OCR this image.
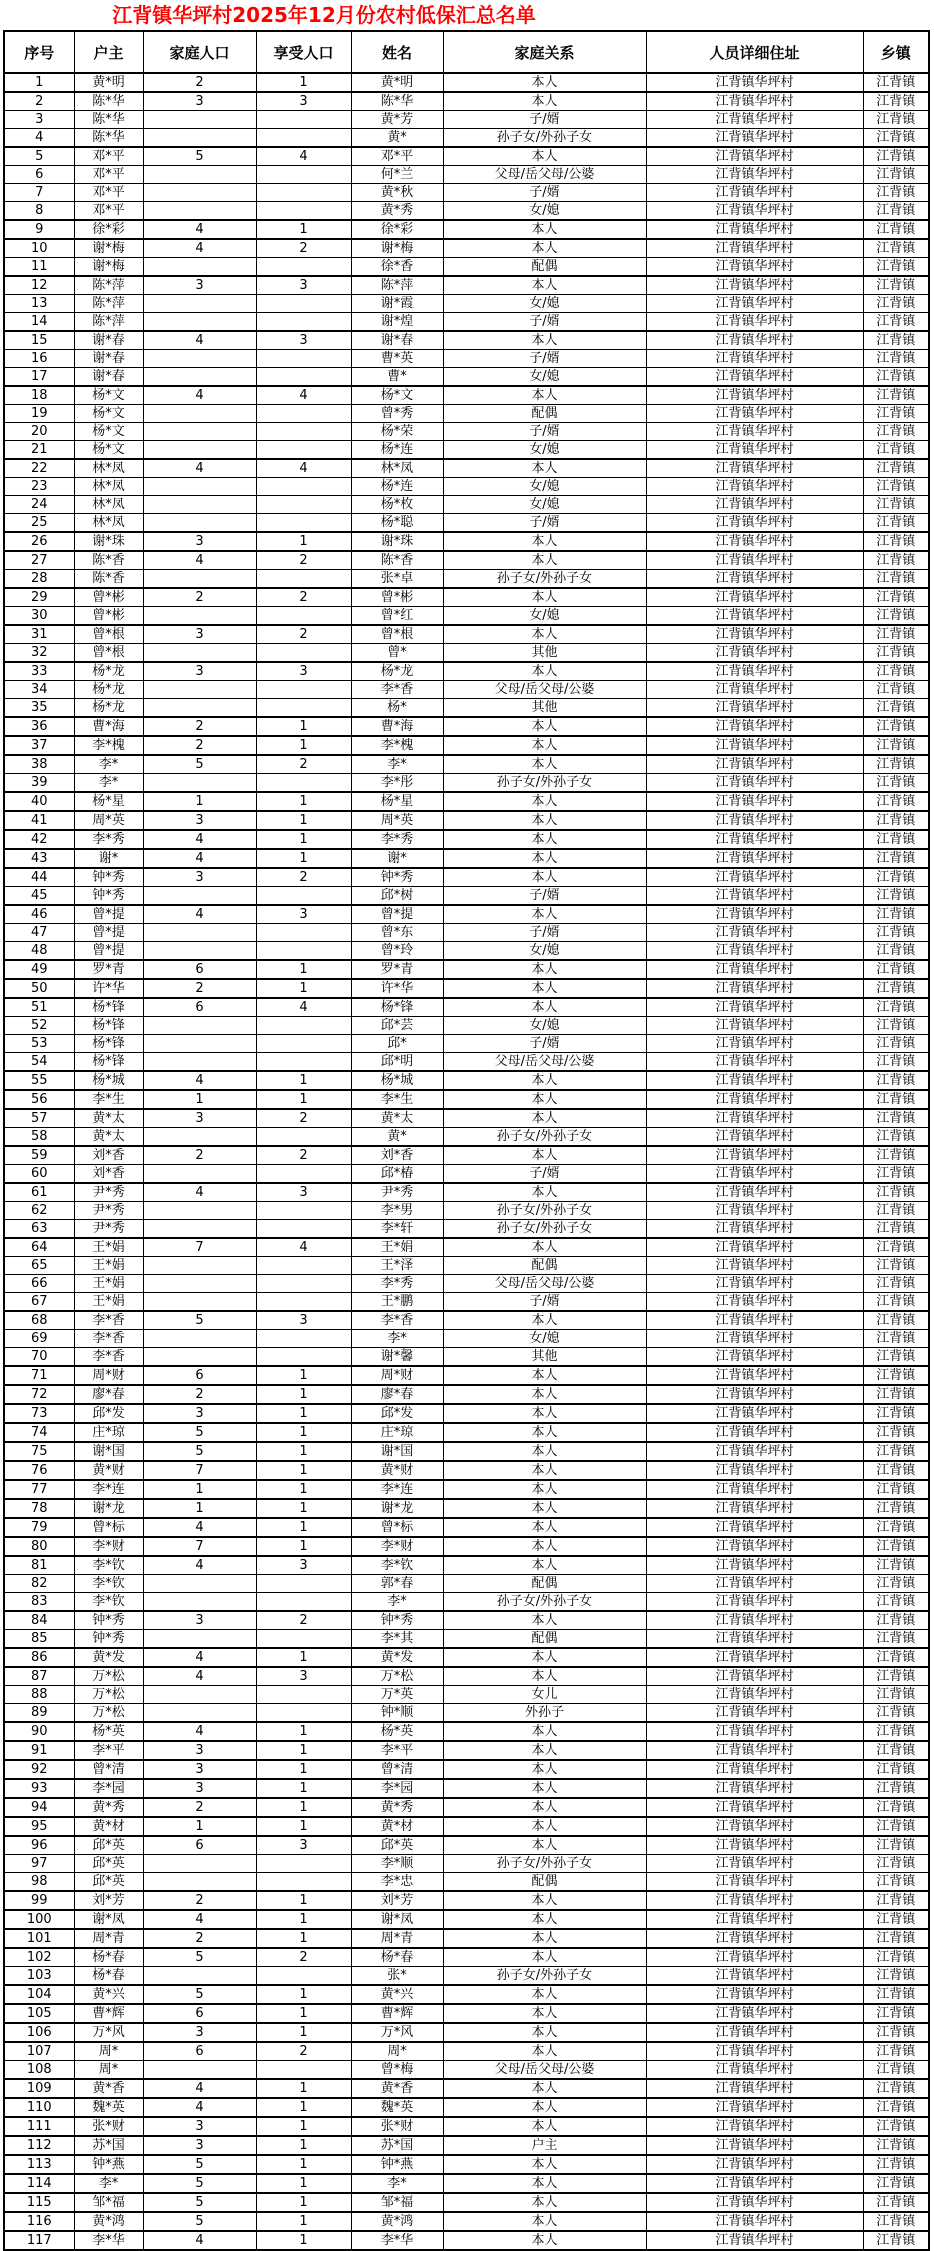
江背镇华坪村2025年12月份农村低保汇总名单
序号	户主	家庭人口	享受人口	姓名	家庭关系	人员详细住址	乡镇
1	黄*明	2	1	黄*明	本人	江背镇华坪村	江背镇
2	陈*华	3	3	陈*华	本人	江背镇华坪村	江背镇
3	陈*华			黄*芳	子/婿	江背镇华坪村	江背镇
4	陈*华			黄*	孙子女/外孙子女	江背镇华坪村	江背镇
5	邓*平	5	4	邓*平	本人	江背镇华坪村	江背镇
6	邓*平			何*兰	父母/岳父母/公婆	江背镇华坪村	江背镇
7	邓*平			黄*秋	子/婿	江背镇华坪村	江背镇
8	邓*平			黄*秀	女/媳	江背镇华坪村	江背镇
9	徐*彩	4	1	徐*彩	本人	江背镇华坪村	江背镇
10	谢*梅	4	2	谢*梅	本人	江背镇华坪村	江背镇
11	谢*梅			徐*香	配偶	江背镇华坪村	江背镇
12	陈*萍	3	3	陈*萍	本人	江背镇华坪村	江背镇
13	陈*萍			谢*霞	女/媳	江背镇华坪村	江背镇
14	陈*萍			谢*煌	子/婿	江背镇华坪村	江背镇
15	谢*春	4	3	谢*春	本人	江背镇华坪村	江背镇
16	谢*春			曹*英	子/婿	江背镇华坪村	江背镇
17	谢*春			曹*	女/媳	江背镇华坪村	江背镇
18	杨*文	4	4	杨*文	本人	江背镇华坪村	江背镇
19	杨*文			曾*秀	配偶	江背镇华坪村	江背镇
20	杨*文			杨*荣	子/婿	江背镇华坪村	江背镇
21	杨*文			杨*连	女/媳	江背镇华坪村	江背镇
22	林*凤	4	4	林*凤	本人	江背镇华坪村	江背镇
23	林*凤			杨*连	女/媳	江背镇华坪村	江背镇
24	林*凤			杨*枚	女/媳	江背镇华坪村	江背镇
25	林*凤			杨*聪	子/婿	江背镇华坪村	江背镇
26	谢*珠	3	1	谢*珠	本人	江背镇华坪村	江背镇
27	陈*香	4	2	陈*香	本人	江背镇华坪村	江背镇
28	陈*香			张*卓	孙子女/外孙子女	江背镇华坪村	江背镇
29	曾*彬	2	2	曾*彬	本人	江背镇华坪村	江背镇
30	曾*彬			曾*红	女/媳	江背镇华坪村	江背镇
31	曾*根	3	2	曾*根	本人	江背镇华坪村	江背镇
32	曾*根			曾*	其他	江背镇华坪村	江背镇
33	杨*龙	3	3	杨*龙	本人	江背镇华坪村	江背镇
34	杨*龙			李*香	父母/岳父母/公婆	江背镇华坪村	江背镇
35	杨*龙			杨*	其他	江背镇华坪村	江背镇
36	曹*海	2	1	曹*海	本人	江背镇华坪村	江背镇
37	李*槐	2	1	李*槐	本人	江背镇华坪村	江背镇
38	李*	5	2	李*	本人	江背镇华坪村	江背镇
39	李*			李*彤	孙子女/外孙子女	江背镇华坪村	江背镇
40	杨*星	1	1	杨*星	本人	江背镇华坪村	江背镇
41	周*英	3	1	周*英	本人	江背镇华坪村	江背镇
42	李*秀	4	1	李*秀	本人	江背镇华坪村	江背镇
43	谢*	4	1	谢*	本人	江背镇华坪村	江背镇
44	钟*秀	3	2	钟*秀	本人	江背镇华坪村	江背镇
45	钟*秀			邱*树	子/婿	江背镇华坪村	江背镇
46	曾*提	4	3	曾*提	本人	江背镇华坪村	江背镇
47	曾*提			曾*东	子/婿	江背镇华坪村	江背镇
48	曾*提			曾*玲	女/媳	江背镇华坪村	江背镇
49	罗*青	6	1	罗*青	本人	江背镇华坪村	江背镇
50	许*华	2	1	许*华	本人	江背镇华坪村	江背镇
51	杨*锋	6	4	杨*锋	本人	江背镇华坪村	江背镇
52	杨*锋			邱*芸	女/媳	江背镇华坪村	江背镇
53	杨*锋			邱*	子/婿	江背镇华坪村	江背镇
54	杨*锋			邱*明	父母/岳父母/公婆	江背镇华坪村	江背镇
55	杨*城	4	1	杨*城	本人	江背镇华坪村	江背镇
56	李*生	1	1	李*生	本人	江背镇华坪村	江背镇
57	黄*太	3	2	黄*太	本人	江背镇华坪村	江背镇
58	黄*太			黄*	孙子女/外孙子女	江背镇华坪村	江背镇
59	刘*香	2	2	刘*香	本人	江背镇华坪村	江背镇
60	刘*香			邱*椿	子/婿	江背镇华坪村	江背镇
61	尹*秀	4	3	尹*秀	本人	江背镇华坪村	江背镇
62	尹*秀			李*男	孙子女/外孙子女	江背镇华坪村	江背镇
63	尹*秀			李*轩	孙子女/外孙子女	江背镇华坪村	江背镇
64	王*娟	7	4	王*娟	本人	江背镇华坪村	江背镇
65	王*娟			王*泽	配偶	江背镇华坪村	江背镇
66	王*娟			李*秀	父母/岳父母/公婆	江背镇华坪村	江背镇
67	王*娟			王*鹏	子/婿	江背镇华坪村	江背镇
68	李*香	5	3	李*香	本人	江背镇华坪村	江背镇
69	李*香			李*	女/媳	江背镇华坪村	江背镇
70	李*香			谢*馨	其他	江背镇华坪村	江背镇
71	周*财	6	1	周*财	本人	江背镇华坪村	江背镇
72	廖*春	2	1	廖*春	本人	江背镇华坪村	江背镇
73	邱*发	3	1	邱*发	本人	江背镇华坪村	江背镇
74	庄*琼	5	1	庄*琼	本人	江背镇华坪村	江背镇
75	谢*国	5	1	谢*国	本人	江背镇华坪村	江背镇
76	黄*财	7	1	黄*财	本人	江背镇华坪村	江背镇
77	李*连	1	1	李*连	本人	江背镇华坪村	江背镇
78	谢*龙	1	1	谢*龙	本人	江背镇华坪村	江背镇
79	曾*标	4	1	曾*标	本人	江背镇华坪村	江背镇
80	李*财	7	1	李*财	本人	江背镇华坪村	江背镇
81	李*钦	4	3	李*钦	本人	江背镇华坪村	江背镇
82	李*钦			郭*春	配偶	江背镇华坪村	江背镇
83	李*钦			李*	孙子女/外孙子女	江背镇华坪村	江背镇
84	钟*秀	3	2	钟*秀	本人	江背镇华坪村	江背镇
85	钟*秀			李*其	配偶	江背镇华坪村	江背镇
86	黄*发	4	1	黄*发	本人	江背镇华坪村	江背镇
87	万*松	4	3	万*松	本人	江背镇华坪村	江背镇
88	万*松			万*英	女儿	江背镇华坪村	江背镇
89	万*松			钟*顺	外孙子	江背镇华坪村	江背镇
90	杨*英	4	1	杨*英	本人	江背镇华坪村	江背镇
91	李*平	3	1	李*平	本人	江背镇华坪村	江背镇
92	曾*清	3	1	曾*清	本人	江背镇华坪村	江背镇
93	李*园	3	1	李*园	本人	江背镇华坪村	江背镇
94	黄*秀	2	1	黄*秀	本人	江背镇华坪村	江背镇
95	黄*材	1	1	黄*材	本人	江背镇华坪村	江背镇
96	邱*英	6	3	邱*英	本人	江背镇华坪村	江背镇
97	邱*英			李*顺	孙子女/外孙子女	江背镇华坪村	江背镇
98	邱*英			李*忠	配偶	江背镇华坪村	江背镇
99	刘*芳	2	1	刘*芳	本人	江背镇华坪村	江背镇
100	谢*凤	4	1	谢*凤	本人	江背镇华坪村	江背镇
101	周*青	2	1	周*青	本人	江背镇华坪村	江背镇
102	杨*春	5	2	杨*春	本人	江背镇华坪村	江背镇
103	杨*春			张*	孙子女/外孙子女	江背镇华坪村	江背镇
104	黄*兴	5	1	黄*兴	本人	江背镇华坪村	江背镇
105	曹*辉	6	1	曹*辉	本人	江背镇华坪村	江背镇
106	万*风	3	1	万*风	本人	江背镇华坪村	江背镇
107	周*	6	2	周*	本人	江背镇华坪村	江背镇
108	周*			曾*梅	父母/岳父母/公婆	江背镇华坪村	江背镇
109	黄*香	4	1	黄*香	本人	江背镇华坪村	江背镇
110	魏*英	4	1	魏*英	本人	江背镇华坪村	江背镇
111	张*财	3	1	张*财	本人	江背镇华坪村	江背镇
112	苏*国	3	1	苏*国	户主	江背镇华坪村	江背镇
113	钟*燕	5	1	钟*燕	本人	江背镇华坪村	江背镇
114	李*	5	1	李*	本人	江背镇华坪村	江背镇
115	邹*福	5	1	邹*福	本人	江背镇华坪村	江背镇
116	黄*鸿	5	1	黄*鸿	本人	江背镇华坪村	江背镇
117	李*华	4	1	李*华	本人	江背镇华坪村	江背镇
